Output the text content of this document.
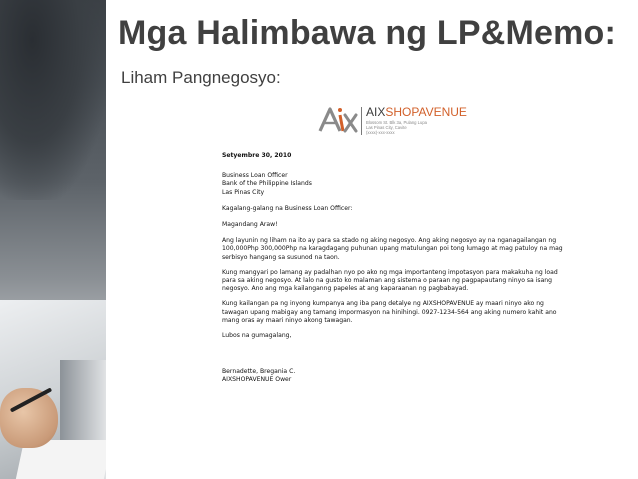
Mga Halimbawa ng LP&Memo:
Liham Pangnegosyo:
AIXSHOPAVENUE
Blossom St. Blk 3a, Pulang Lupa
Las Pinas City, Cavite
(xxxx)-xxx-xxxx

Setyembre 30, 2010

Business Loan Officer

Bank of the Philippine Islands

Las Pinas City

Kagalang-galang na Business Loan Officer:

Magandang Araw!

Ang layunin ng liham na ito ay para sa stado ng aking negosyo. Ang aking negosyo ay na nganagailangan ng 100,000Php 300,000Php na karagdagang puhunan upang matulungan poi tong lumago at mag patuloy na mag serbisyo hangang sa susunod na taon.

Kung mangyari po lamang ay padalhan nyo po ako ng mga importanteng impotasyon para makakuha ng load para sa aking negosyo. At lalo na gusto ko malaman ang sistema o paraan ng pagpapautang ninyo sa isang negosyo. Ano ang mga kailanganng papeles at ang kaparaanan ng pagbabayad.

Kung kailangan pa ng inyong kumpanya ang iba pang detalye ng AIXSHOPAVENUE ay maari ninyo ako ng tawagan upang mabigay ang tamang impormasyon na hinihingi. 0927-1234-564 ang aking numero kahit ano mang oras ay maari ninyo akong tawagan.

Lubos na gumagalang,

Bernadette, Bregania C.

AIXSHOPAVENUE Ower
